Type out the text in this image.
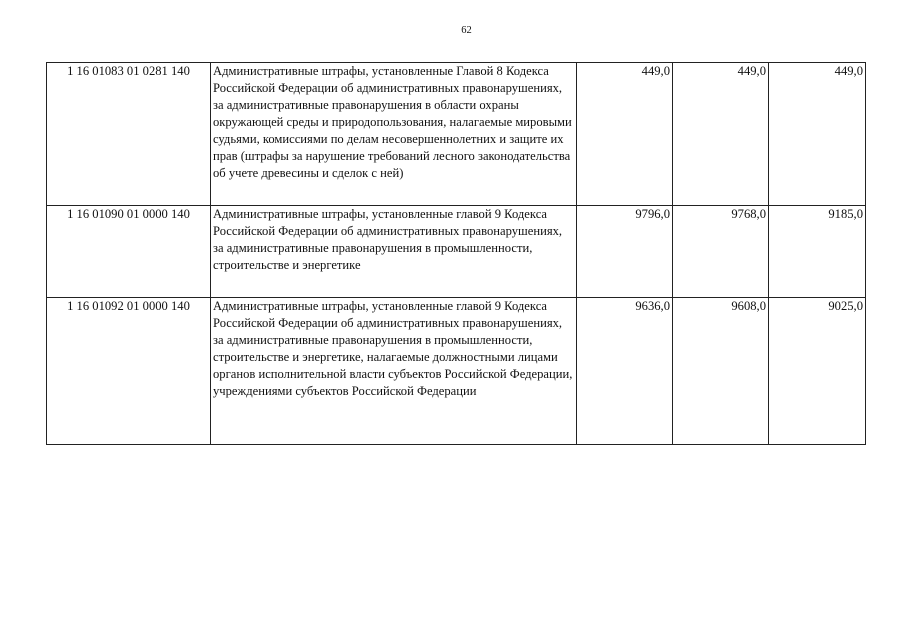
62
1 16 01083 01 0281 140	Административные штрафы, установленные Главой 8 Кодекса Российской Федерации об административных правонарушениях, за административные правонарушения в области охраны окружающей среды и природопользования, налагаемые мировыми судьями, комиссиями по делам несовершеннолетних и защите их прав (штрафы за нарушение требований лесного законодательства об учете древесины и сделок с ней)	449,0	449,0	449,0
1 16 01090 01 0000 140	Административные штрафы, установленные главой 9 Кодекса Российской Федерации об административных правонарушениях, за административные правонарушения в промышленности, строительстве и энергетике	9796,0	9768,0	9185,0
1 16 01092 01 0000 140	Административные штрафы, установленные главой 9 Кодекса Российской Федерации об административных правонарушениях, за административные правонарушения в промышленности, строительстве и энергетике, налагаемые должностными лицами органов исполнительной власти субъектов Российской Федерации, учреждениями субъектов Российской Федерации	9636,0	9608,0	9025,0
